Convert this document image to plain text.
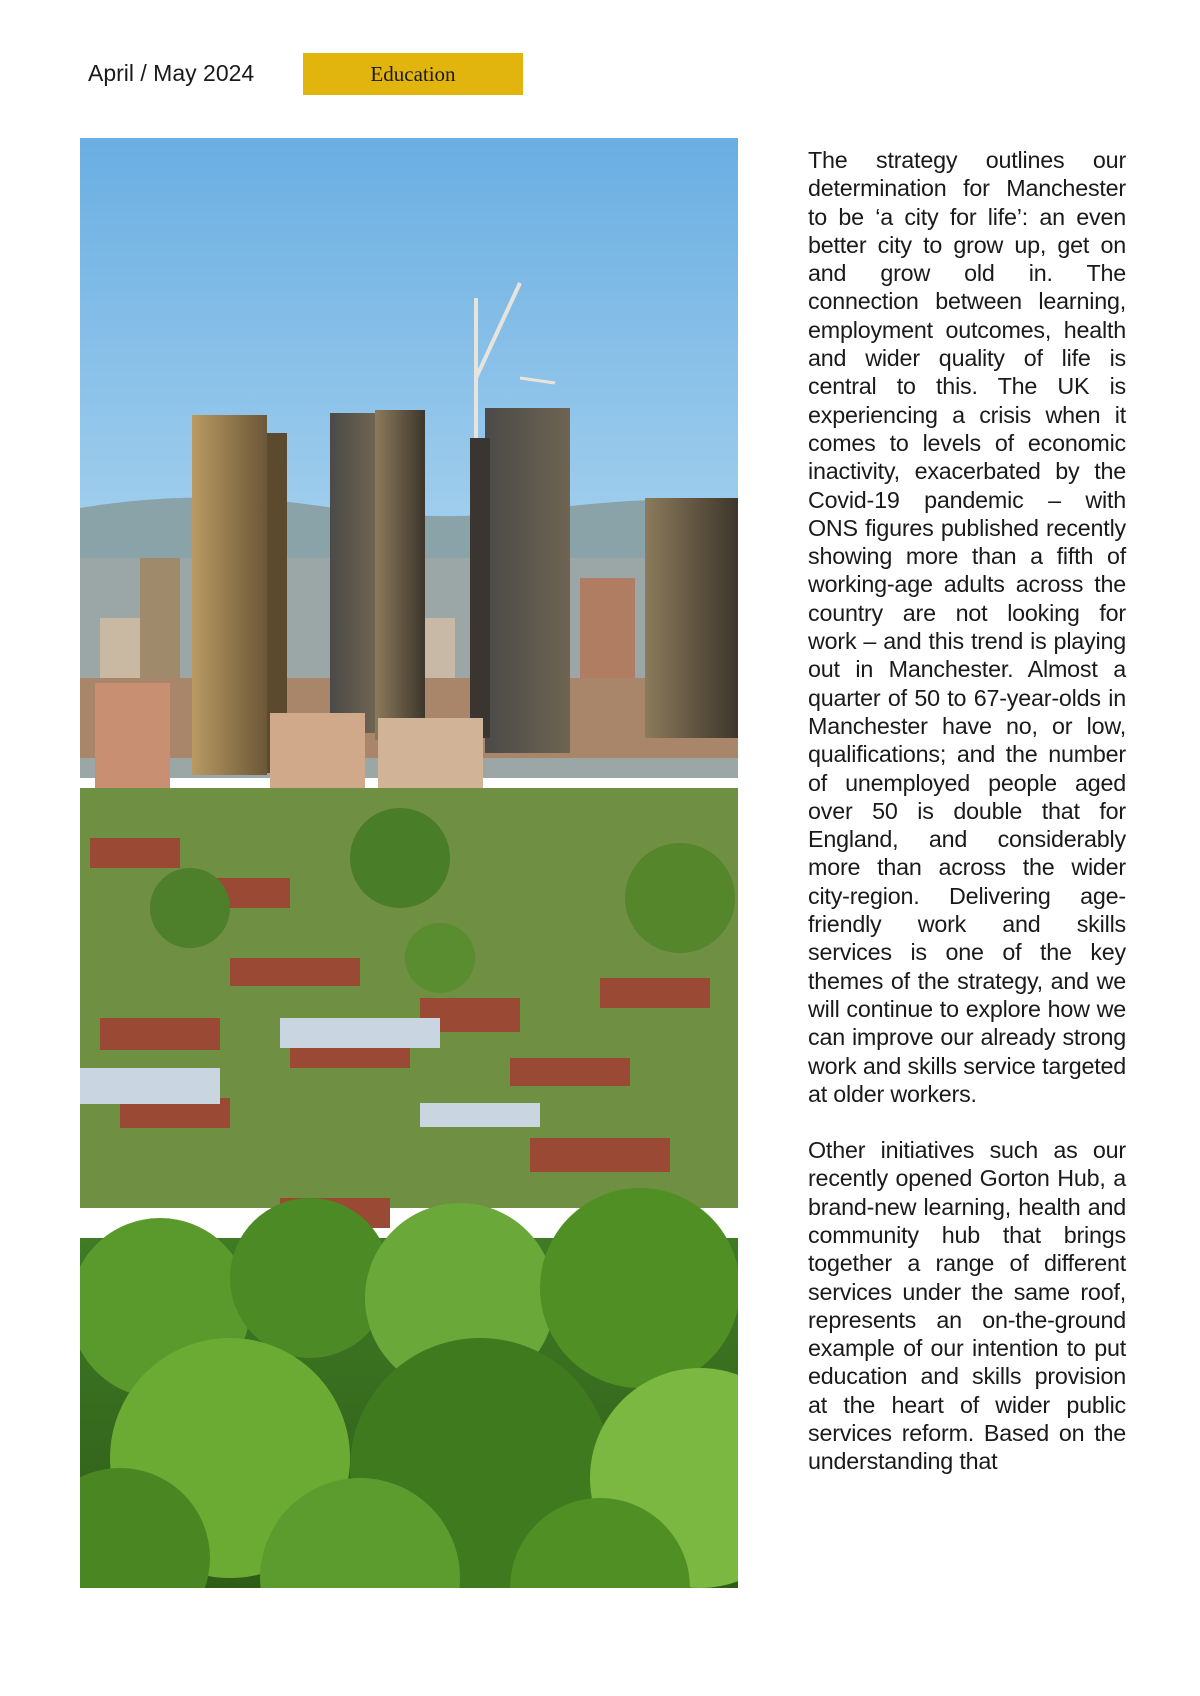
April / May 2024	Education

The strategy outlines our determination for Manchester to be ‘a city for life’: an even better city to grow up, get on and grow old in. The connection between learning, employment outcomes, health and wider quality of life is central to this. The UK is experiencing a crisis when it comes to levels of economic inactivity, exacerbated by the Covid-19 pandemic – with ONS figures published recently showing more than a fifth of working-age adults across the country are not looking for work – and this trend is playing out in Manchester. Almost a quarter of 50 to 67-year-olds in Manchester have no, or low, qualifications; and the number of unemployed people aged over 50 is double that for England, and considerably more than across the wider city-region. Delivering age-friendly work and skills services is one of the key themes of the strategy, and we will continue to explore how we can improve our already strong work and skills service targeted at older workers.

Other initiatives such as our recently opened Gorton Hub, a brand-new learning, health and community hub that brings together a range of different services under the same roof, represents an on-the-ground example of our intention to put education and skills provision at the heart of wider public services reform. Based on the understanding that
